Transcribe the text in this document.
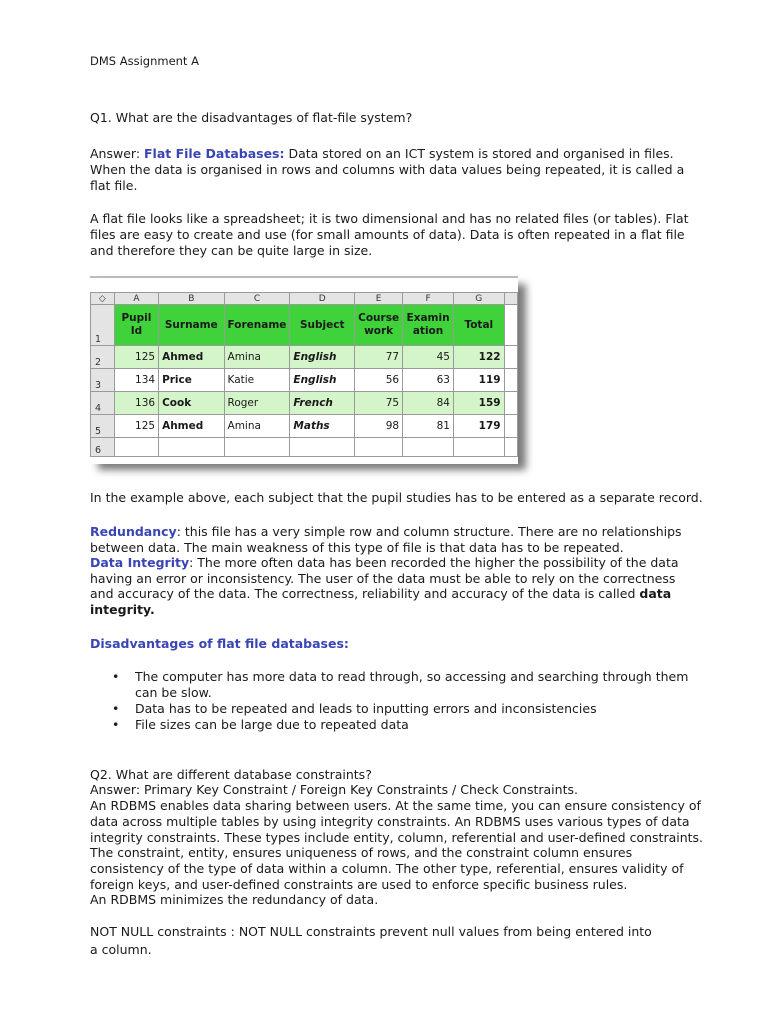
DMS Assignment A
Q1. What are the disadvantages of flat-file system?
Answer: Flat File Databases: Data stored on an ICT system is stored and organised in files.
When the data is organised in rows and columns with data values being repeated, it is called a
flat file.
A flat file looks like a spreadsheet; it is two dimensional and has no related files (or tables). Flat
files are easy to create and use (for small amounts of data). Data is often repeated in a flat file
and therefore they can be quite large in size.
◇	A	B	C	D	E	F	G	
1	Pupil Id	Surname	Forename	Subject	Course work	Examin ation	Total	
2	125	Ahmed	Amina	English	77	45	122	
3	134	Price	Katie	English	56	63	119	
4	136	Cook	Roger	French	75	84	159	
5	125	Ahmed	Amina	Maths	98	81	179	
6								
In the example above, each subject that the pupil studies has to be entered as a separate record.
Redundancy: this file has a very simple row and column structure. There are no relationships
between data. The main weakness of this type of file is that data has to be repeated.
Data Integrity: The more often data has been recorded the higher the possibility of the data
having an error or inconsistency. The user of the data must be able to rely on the correctness
and accuracy of the data. The correctness, reliability and accuracy of the data is called data
integrity.
Disadvantages of flat file databases:
• The computer has more data to read through, so accessing and searching through them
can be slow.
• Data has to be repeated and leads to inputting errors and inconsistencies
• File sizes can be large due to repeated data
Q2. What are different database constraints?
Answer: Primary Key Constraint / Foreign Key Constraints / Check Constraints.
An RDBMS enables data sharing between users. At the same time, you can ensure consistency of
data across multiple tables by using integrity constraints. An RDBMS uses various types of data
integrity constraints. These types include entity, column, referential and user-defined constraints.
The constraint, entity, ensures uniqueness of rows, and the constraint column ensures
consistency of the type of data within a column. The other type, referential, ensures validity of
foreign keys, and user-defined constraints are used to enforce specific business rules.
An RDBMS minimizes the redundancy of data.
NOT NULL constraints : NOT NULL constraints prevent null values from being entered into
a column.
